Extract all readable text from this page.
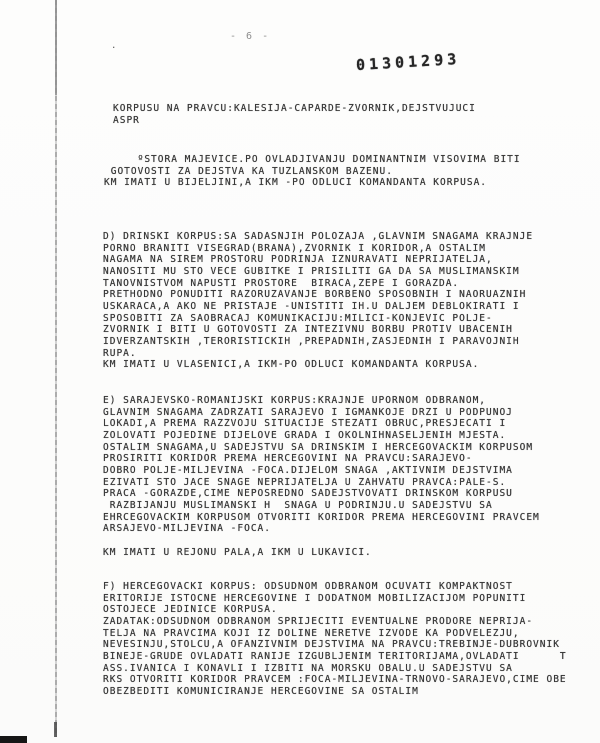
.
- 6 -
01301293
KORPUSU NA PRAVCU:KALESIJA-CAPARDE-ZVORNIK,DEJSTVUJUCI
ASPR
ºSTORA MAJEVICE.PO OVLADJIVANJU DOMINANTNIM VISOVIMA BITI
GOTOVOSTI ZA DEJSTVA KA TUZLANSKOM BAZENU.
KM IMATI U BIJELJINI,A IKM -PO ODLUCI KOMANDANTA KORPUSA.
D) DRINSKI KORPUS:SA SADASNJIH POLOZAJA ,GLAVNIM SNAGAMA KRAJNJE
PORNO BRANITI VISEGRAD(BRANA),ZVORNIK I KORIDOR,A OSTALIM
NAGAMA NA SIREM PROSTORU PODRINJA IZNURAVATI NEPRIJATELJA,
NANOSITI MU STO VECE GUBITKE I PRISILITI GA DA SA MUSLIMANSKIM
TANOVNISTVOM NAPUSTI PROSTORE  BIRACA,ZEPE I GORAZDA.
PRETHODNO PONUDITI RAZORUZAVANJE BORBENO SPOSOBNIH I NAORUAZNIH
USKARACA,A AKO NE PRISTAJE -UNISTITI IH.U DALJEM DEBLOKIRATI I
SPOSOBITI ZA SAOBRACAJ KOMUNIKACIJU:MILICI-KONJEVIC POLJE-
ZVORNIK I BITI U GOTOVOSTI ZA INTEZIVNU BORBU PROTIV UBACENIH
IDVERZANTSKIH ,TERORISTICKIH ,PREPADNIH,ZASJEDNIH I PARAVOJNIH
RUPA.
KM IMATI U VLASENICI,A IKM-PO ODLUCI KOMANDANTA KORPUSA.
E) SARAJEVSKO-ROMANIJSKI KORPUS:KRAJNJE UPORNOM ODBRANOM,
GLAVNIM SNAGAMA ZADRZATI SARAJEVO I IGMANKOJE DRZI U PODPUNOJ
LOKADI,A PREMA RAZZVOJU SITUACIJE STEZATI OBRUC,PRESJECATI I
ZOLOVATI POJEDINE DIJELOVE GRADA I OKOLNIHNASELJENIH MJESTA.
OSTALIM SNAGAMA,U SADEJSTVU SA DRINSKIM I HERCEGOVACKIM KORPUSOM
PROSIRITI KORIDOR PREMA HERCEGOVINI NA PRAVCU:SARAJEVO-
DOBRO POLJE-MILJEVINA -FOCA.DIJELOM SNAGA ,AKTIVNIM DEJSTVIMA
EZIVATI STO JACE SNAGE NEPRIJATELJA U ZAHVATU PRAVCA:PALE-S.
PRACA -GORAZDE,CIME NEPOSREDNO SADEJSTVOVATI DRINSKOM KORPUSU
RAZBIJANJU MUSLIMANSKI H  SNAGA U PODRINJU.U SADEJSTVU SA
EHRCEGOVACKIM KORPUSOM OTVORITI KORIDOR PREMA HERCEGOVINI PRAVCEM
ARSAJEVO-MILJEVINA -FOCA.
KM IMATI U REJONU PALA,A IKM U LUKAVICI.
F) HERCEGOVACKI KORPUS: ODSUDNOM ODBRANOM OCUVATI KOMPAKTNOST
ERITORIJE ISTOCNE HERCEGOVINE I DODATNOM MOBILIZACIJOM POPUNITI
OSTOJECE JEDINICE KORPUSA.
ZADATAK:ODSUDNOM ODBRANOM SPRIJECITI EVENTUALNE PRODORE NEPRIJA-
TELJA NA PRAVCIMA KOJI IZ DOLINE NERETVE IZVODE KA PODVELEZJU,
NEVESINJU,STOLCU,A OFANZIVNIM DEJSTVIMA NA PRAVCU:TREBINJE-DUBROVNIK
BINEJE-GRUDE OVLADATI RANIJE IZGUBLJENIM TERITORIJAMA,OVLADATI      T
ASS.IVANICA I KONAVLI I IZBITI NA MORSKU OBALU.U SADEJSTVU SA
RKS OTVORITI KORIDOR PRAVCEM :FOCA-MILJEVINA-TRNOVO-SARAJEVO,CIME OBE
OBEZBEDITI KOMUNICIRANJE HERCEGOVINE SA OSTALIM
